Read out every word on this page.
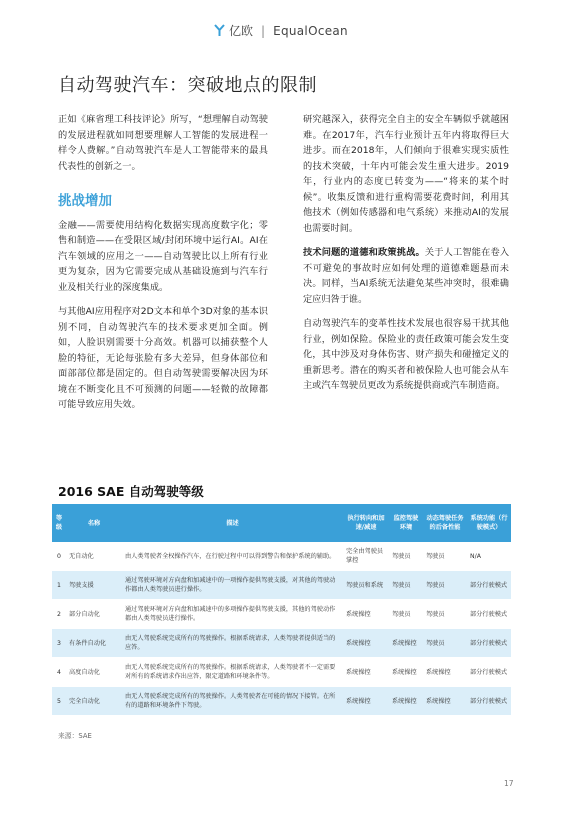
亿欧 | EqualOcean
自动驾驶汽车：突破地点的限制

正如《麻省理工科技评论》所写，“想理解自动驾驶的发展进程就如同想要理解人工智能的发展进程一样令人费解。”自动驾驶汽车是人工智能带来的最具代表性的创新之一。

挑战增加

金融——需要使用结构化数据实现高度数字化；零售和制造——在受限区域/封闭环境中运行AI。AI在汽车领域的应用之一——自动驾驶比以上所有行业更为复杂，因为它需要完成从基础设施到与汽车行业及相关行业的深度集成。

与其他AI应用程序对2D文本和单个3D对象的基本识别不同，自动驾驶汽车的技术要求更加全面。例如，人脸识别需要十分高效。机器可以捕获整个人脸的特征，无论每张脸有多大差异，但身体部位和面部部位都是固定的。但自动驾驶需要解决因为环境在不断变化且不可预测的问题——轻微的故障都可能导致应用失效。

研究越深入，获得完全自主的安全车辆似乎就越困难。在2017年，汽车行业预计五年内将取得巨大进步。而在2018年，人们倾向于很难实现实质性的技术突破，十年内可能会发生重大进步。2019年，行业内的态度已转变为——“将来的某个时候”。收集反馈和进行重构需要花费时间，利用其他技术（例如传感器和电气系统）来推动AI的发展也需要时间。

技术问题的道德和政策挑战。关于人工智能在卷入不可避免的事故时应如何处理的道德难题悬而未决。同样，当AI系统无法避免某些冲突时，很难确定应归咎于谁。

自动驾驶汽车的变革性技术发展也很容易干扰其他行业，例如保险。保险业的责任政策可能会发生变化，其中涉及对身体伤害、财产损失和碰撞定义的重新思考。潜在的购买者和被保险人也可能会从车主或汽车驾驶员更改为系统提供商或汽车制造商。

2016 SAE 自动驾驶等级
等级	名称	描述	执行转向和加速/减速	监控驾驶环境	动态驾驶任务的后备性能	系统功能（行驶模式）
0	无自动化	由人类驾驶者全权操作汽车，在行驶过程中可以得到警告和保护系统的辅助。	完全由驾驶员掌控	驾驶员	驾驶员	N/A
1	驾驶支援	通过驾驶环境对方向盘和加减速中的一项操作提供驾驶支援，对其他的驾驶动作都由人类驾驶员进行操作。	驾驶员和系统	驾驶员	驾驶员	部分行驶模式
2	部分自动化	通过驾驶环境对方向盘和加减速中的多项操作提供驾驶支援，其他的驾驶动作都由人类驾驶员进行操作。	系统操控	驾驶员	驾驶员	部分行驶模式
3	有条件自动化	由无人驾驶系统完成所有的驾驶操作。根据系统请求，人类驾驶者提供适当的应答。	系统操控	系统操控	驾驶员	部分行驶模式
4	高度自动化	由无人驾驶系统完成所有的驾驶操作。根据系统请求，人类驾驶者不一定需要对所有的系统请求作出应答，限定道路和环境条件等。	系统操控	系统操控	系统操控	部分行驶模式
5	完全自动化	由无人驾驶系统完成所有的驾驶操作。人类驾驶者在可能的情况下接管。在所有的道路和环境条件下驾驶。	系统操控	系统操控	系统操控	部分行驶模式
来源：SAE
17
